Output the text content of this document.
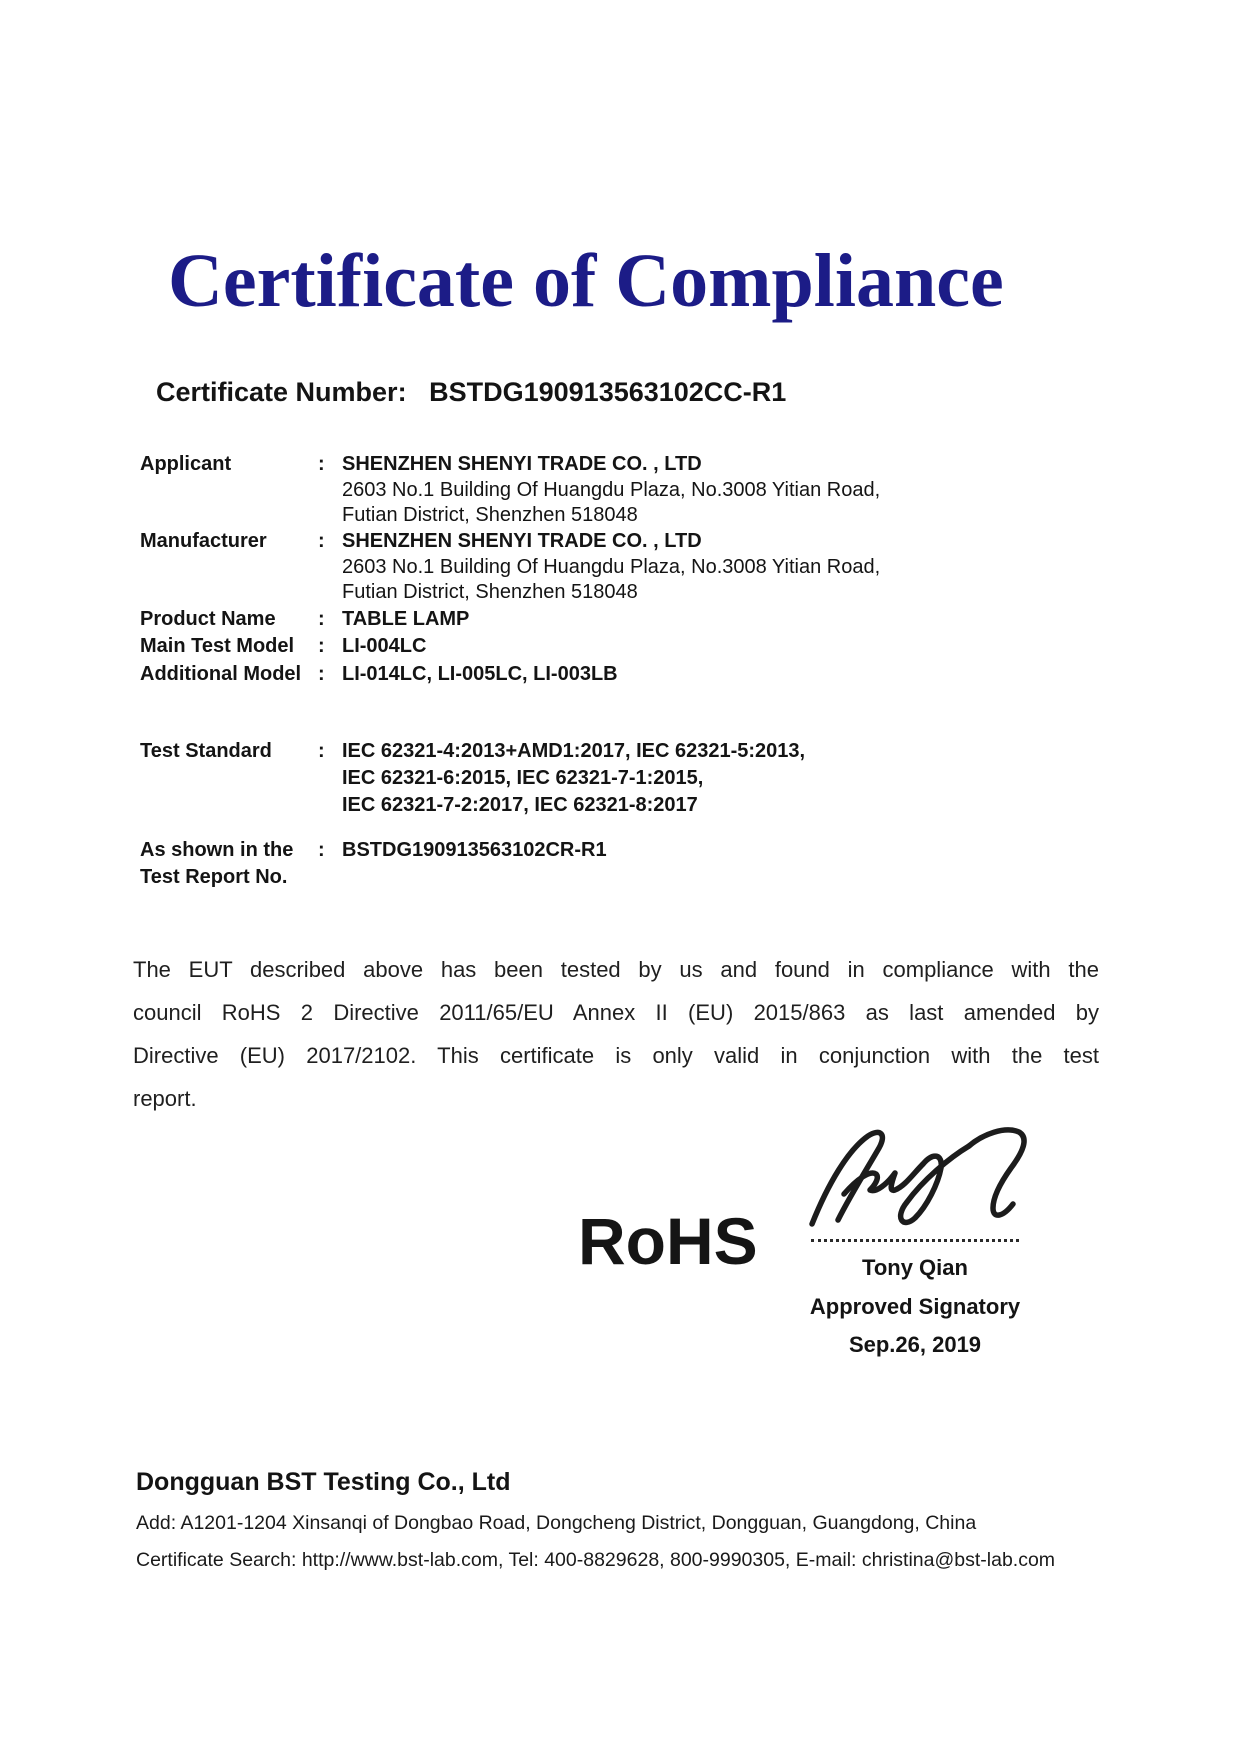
Certificate of Compliance
Certificate Number: BSTDG190913563102CC-R1
Applicant	: SHENZHEN SHENYI TRADE CO. , LTD
2603 No.1 Building Of Huangdu Plaza, No.3008 Yitian Road,
Futian District, Shenzhen 518048
Manufacturer	: SHENZHEN SHENYI TRADE CO. , LTD
2603 No.1 Building Of Huangdu Plaza, No.3008 Yitian Road,
Futian District, Shenzhen 518048
Product Name	: TABLE LAMP
Main Test Model	: LI-004LC
Additional Model : LI-014LC, LI-005LC, LI-003LB
Test Standard	: IEC 62321-4:2013+AMD1:2017, IEC 62321-5:2013,
IEC 62321-6:2015, IEC 62321-7-1:2015,
IEC 62321-7-2:2017, IEC 62321-8:2017
As shown in the
Test Report No.
: BSTDG190913563102CR-R1
The EUT described above has been tested by us and found in compliance with the
council RoHS 2 Directive 2011/65/EU Annex II (EU) 2015/863 as last amended by
Directive (EU) 2017/2102. This certificate is only valid in conjunction with the test
report.
RoHS	Tony Qian
Approved Signatory
Sep.26, 2019
Dongguan BST Testing Co., Ltd
Add: A1201-1204 Xinsanqi of Dongbao Road, Dongcheng District, Dongguan, Guangdong, China
Certificate Search: http://www.bst-lab.com, Tel: 400-8829628, 800-9990305, E-mail: christina@bst-lab.com
